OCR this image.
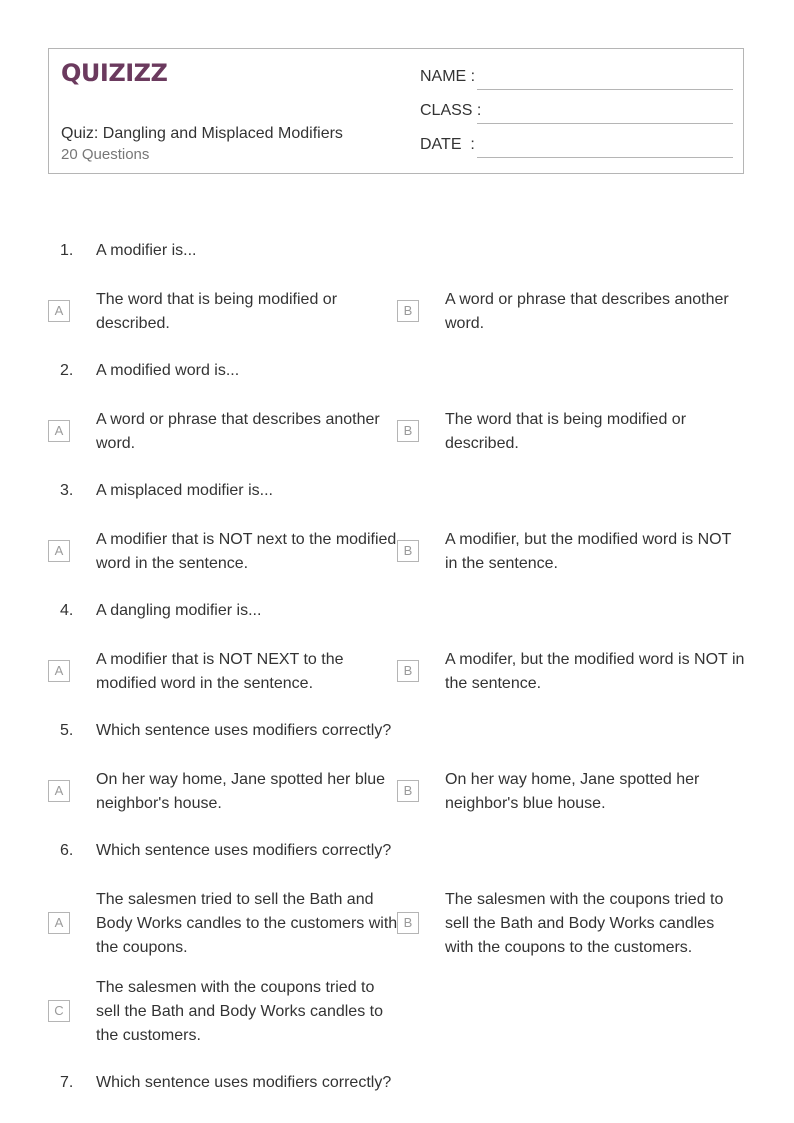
QUIZIZZ
Quiz: Dangling and Misplaced Modifiers
20 Questions
NAME :
CLASS :
DATE  :
1. A modifier is...
A
The word that is being modified or described.
B
A word or phrase that describes another word.
2. A modified word is...
A
A word or phrase that describes another word.
B
The word that is being modified or described.
3. A misplaced modifier is...
A
A modifier that is NOT next to the modified word in the sentence.
B
A modifier, but the modified word is NOT in the sentence.
4. A dangling modifier is...
A
A modifier that is NOT NEXT to the modified word in the sentence.
B
A modifer, but the modified word is NOT in the sentence.
5. Which sentence uses modifiers correctly?
A
On her way home, Jane spotted her blue neighbor's house.
B
On her way home, Jane spotted her neighbor's blue house.
6. Which sentence uses modifiers correctly?
A
The salesmen tried to sell the Bath and Body Works candles to the customers with the coupons.
B
The salesmen with the coupons tried to sell the Bath and Body Works candles with the coupons to the customers.
C
The salesmen with the coupons tried to sell the Bath and Body Works candles to the customers.
7. Which sentence uses modifiers correctly?
